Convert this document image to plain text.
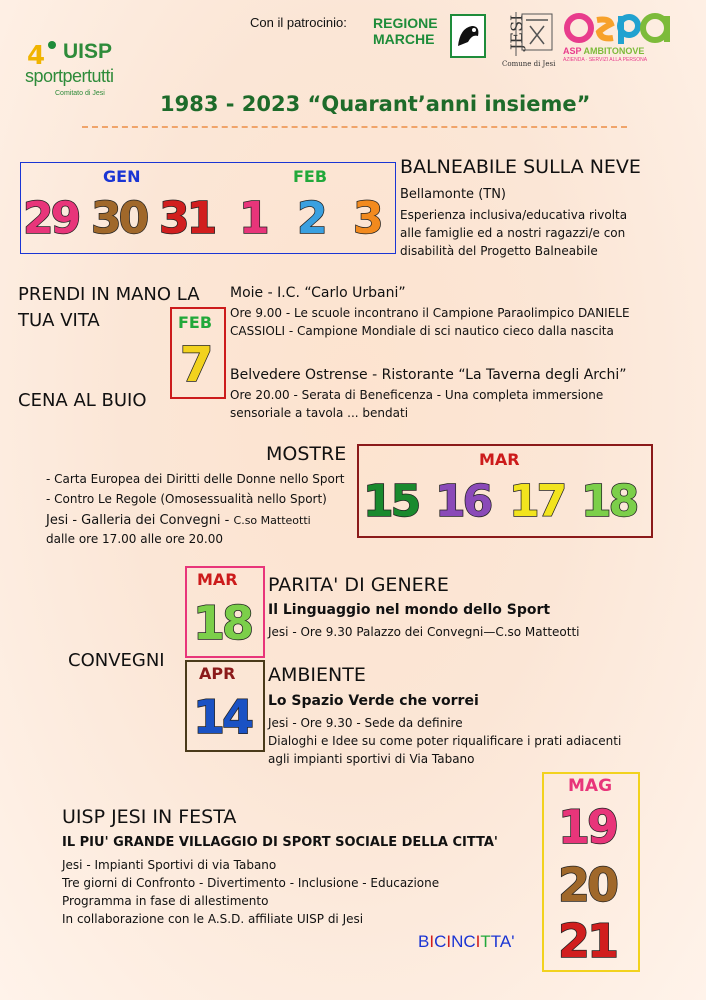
4 UISP
sportpertutti
Comitato di Jesi
Con il patrocinio: REGIONE MARCHE	JESI
Comune di Jesi
ASP AMBITONOVE
AZIENDA · SERVIZI ALLA PERSONA
1983 - 2023 “Quarant’anni insieme”
GEN	FEB
29 30 31 1 2 3
BALNEABILE SULLA NEVE
Bellamonte (TN)
Esperienza inclusiva/educativa rivolta
alle famiglie ed a nostri ragazzi/e con
disabilità del Progetto Balneabile
PRENDI IN MANO LA
TUA VITA
CENA AL BUIO
FEB
7
Moie - I.C. “Carlo Urbani”
Ore 9.00 - Le scuole incontrano il Campione Paraolimpico DANIELE
CASSIOLI - Campione Mondiale di sci nautico cieco dalla nascita
Belvedere Ostrense - Ristorante “La Taverna degli Archi”
Ore 20.00 - Serata di Beneficenza - Una completa immersione
sensoriale a tavola ... bendati
MOSTRE
- Carta Europea dei Diritti delle Donne nello Sport
- Contro Le Regole (Omosessualità nello Sport)
Jesi - Galleria dei Convegni - C.so Matteotti
dalle ore 17.00 alle ore 20.00
MAR
15 16 17 18
CONVEGNI
MAR
18
PARITA' DI GENERE
Il Linguaggio nel mondo dello Sport
Jesi - Ore 9.30 Palazzo dei Convegni—C.so Matteotti
APR
14
AMBIENTE
Lo Spazio Verde che vorrei
Jesi - Ore 9.30 - Sede da definire
Dialoghi e Idee su come poter riqualificare i prati adiacenti
agli impianti sportivi di Via Tabano
UISP JESI IN FESTA
IL PIU' GRANDE VILLAGGIO DI SPORT SOCIALE DELLA CITTA'
Jesi - Impianti Sportivi di via Tabano
Tre giorni di Confronto - Divertimento - Inclusione - Educazione
Programma in fase di allestimento
In collaborazione con le A.S.D. affiliate UISP di Jesi
MAG
19
20
21
BICINCITTA'
